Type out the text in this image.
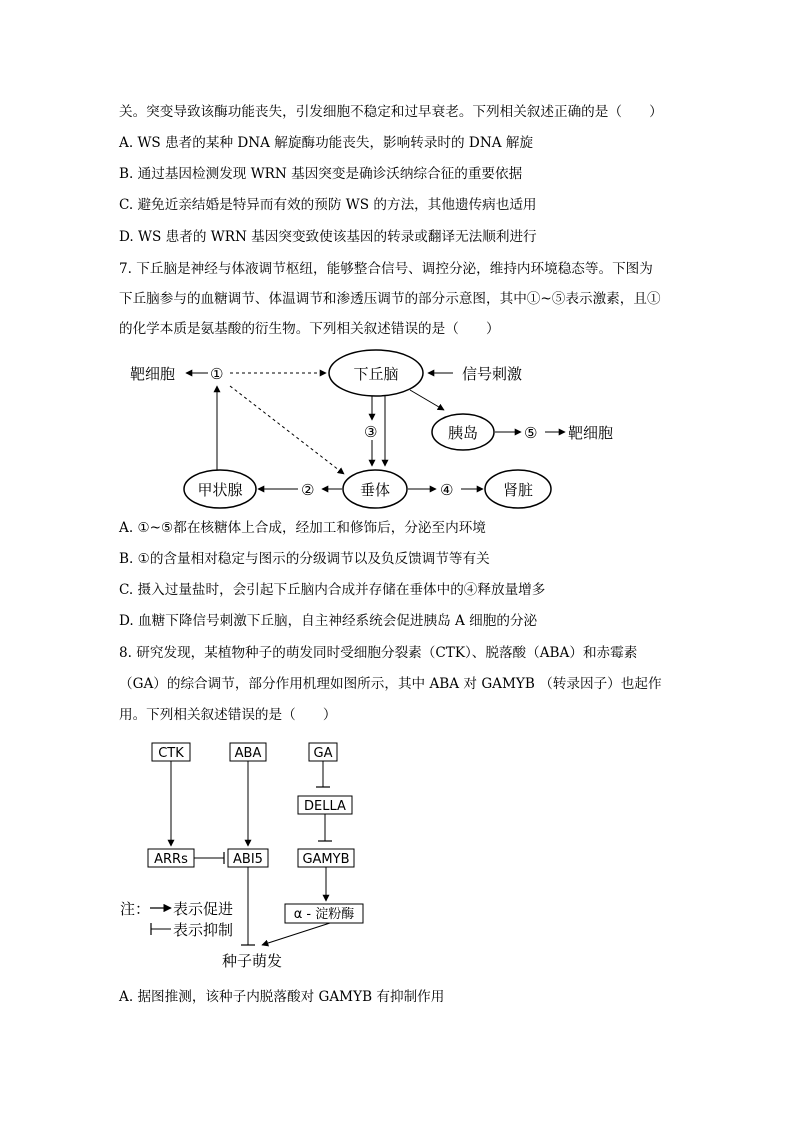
关。突变导致该酶功能丧失，引发细胞不稳定和过早衰老。下列相关叙述正确的是（　　）
A. WS 患者的某种 DNA 解旋酶功能丧失，影响转录时的 DNA 解旋
B. 通过基因检测发现 WRN 基因突变是确诊沃纳综合征的重要依据
C. 避免近亲结婚是特异而有效的预防 WS 的方法，其他遗传病也适用
D. WS 患者的 WRN 基因突变致使该基因的转录或翻译无法顺利进行
7. 下丘脑是神经与体液调节枢纽，能够整合信号、调控分泌，维持内环境稳态等。下图为
下丘脑参与的血糖调节、体温调节和渗透压调节的部分示意图，其中①~⑤表示激素，且①
的化学本质是氨基酸的衍生物。下列相关叙述错误的是（　　）
靶细胞 ①	下丘脑	信号刺激
胰岛	⑤ 靶细胞
③
垂体
②
甲状腺	④	肾脏
A. ①~⑤都在核糖体上合成，经加工和修饰后，分泌至内环境
B. ①的含量相对稳定与图示的分级调节以及负反馈调节等有关
C. 摄入过量盐时，会引起下丘脑内合成并存储在垂体中的④释放量增多
D. 血糖下降信号刺激下丘脑，自主神经系统会促进胰岛 A 细胞的分泌
8. 研究发现，某植物种子的萌发同时受细胞分裂素（CTK）、脱落酸（ABA）和赤霉素
（GA）的综合调节，部分作用机理如图所示，其中 ABA 对 GAMYB （转录因子）也起作
用。下列相关叙述错误的是（　　）
CTK	ABA	GA
DELLA
ARRs	ABI5	GAMYB
α - 淀粉酶
种子萌发
注： 表示促进
表示抑制
A. 据图推测，该种子内脱落酸对 GAMYB 有抑制作用
